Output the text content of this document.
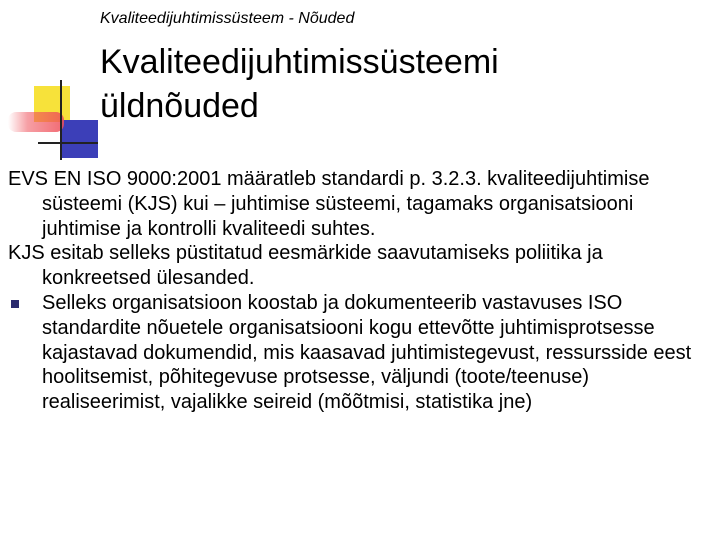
Kvaliteedijuhtimissüsteem - Nõuded
Kvaliteedijuhtimissüsteemi
üldnõuded

EVS EN ISO 9000:2001 määratleb standardi p. 3.2.3. kvaliteedijuhtimise süsteemi (KJS) kui – juhtimise süsteemi, tagamaks organisatsiooni juhtimise ja kontrolli kvaliteedi suhtes.

KJS esitab selleks püstitatud eesmärkide saavutamiseks poliitika ja konkreetsed ülesanded.

Selleks organisatsioon koostab ja dokumenteerib vastavuses ISO standardite nõuetele organisatsiooni kogu ettevõtte juhtimisprotsesse kajastavad dokumendid, mis kaasavad juhtimistegevust, ressursside eest hoolitsemist, põhitegevuse protsesse, väljundi (toote/teenuse) realiseerimist, vajalikke seireid (mõõtmisi, statistika jne)
